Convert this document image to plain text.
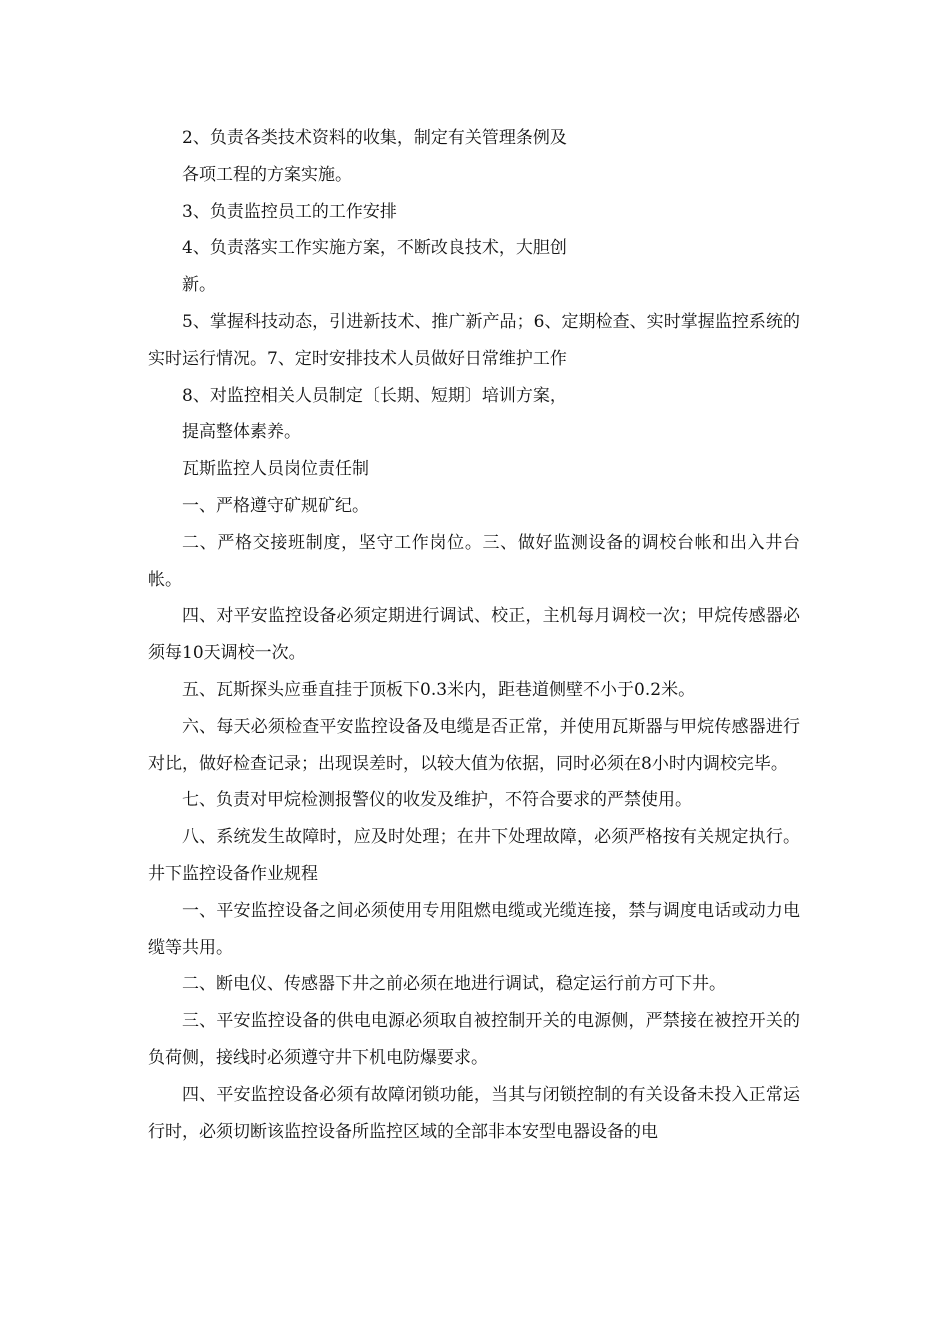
2、负责各类技术资料的收集，制定有关管理条例及

各项工程的方案实施。

3、负责监控员工的工作安排

4、负责落实工作实施方案，不断改良技术，大胆创

新。

5、掌握科技动态，引进新技术、推广新产品；6、定期检查、实时掌握监控系统的实时运行情况。7、定时安排技术人员做好日常维护工作

8、对监控相关人员制定〔长期、短期〕培训方案，

提高整体素养。

瓦斯监控人员岗位责任制

一、严格遵守矿规矿纪。

二、严格交接班制度，坚守工作岗位。三、做好监测设备的调校台帐和出入井台帐。

四、对平安监控设备必须定期进行调试、校正，主机每月调校一次；甲烷传感器必须每10天调校一次。

五、瓦斯探头应垂直挂于顶板下0.3米内，距巷道侧壁不小于0.2米。

六、每天必须检查平安监控设备及电缆是否正常，并使用瓦斯器与甲烷传感器进行对比，做好检查记录；出现误差时，以较大值为依据，同时必须在8小时内调校完毕。

七、负责对甲烷检测报警仪的收发及维护，不符合要求的严禁使用。

八、系统发生故障时，应及时处理；在井下处理故障，必须严格按有关规定执行。井下监控设备作业规程

一、平安监控设备之间必须使用专用阻燃电缆或光缆连接，禁与调度电话或动力电缆等共用。

二、断电仪、传感器下井之前必须在地进行调试，稳定运行前方可下井。

三、平安监控设备的供电电源必须取自被控制开关的电源侧，严禁接在被控开关的负荷侧，接线时必须遵守井下机电防爆要求。

四、平安监控设备必须有故障闭锁功能，当其与闭锁控制的有关设备未投入正常运行时，必须切断该监控设备所监控区域的全部非本安型电器设备的电
